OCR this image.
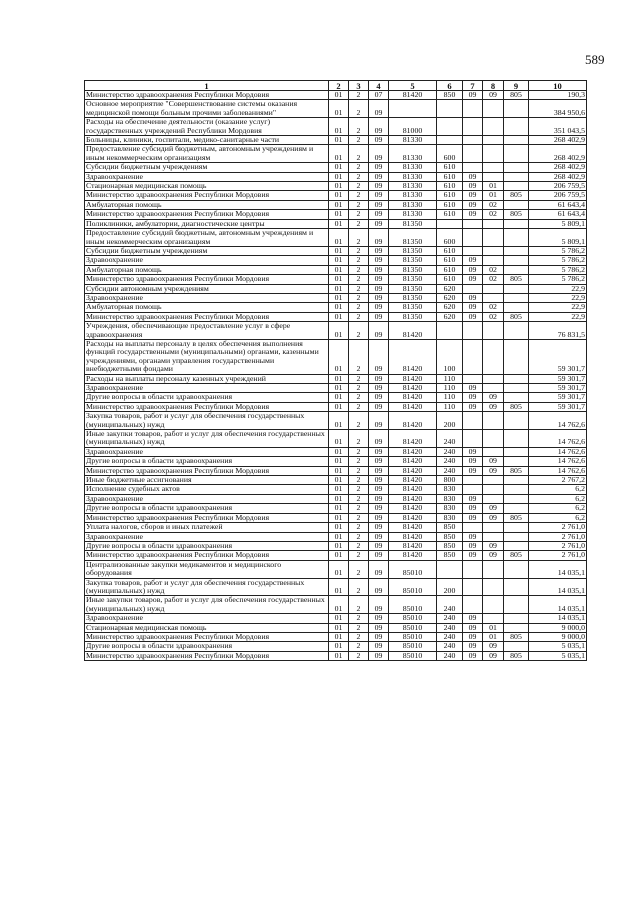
589
1	2	3	4	5	6	7	8	9	10
Министерство здравоохранения Республики Мордовия	01	2	07	81420	850	09	09	805	190,3
Основное мероприятие "Совершенствование системы оказания медицинской помощи больным прочими заболеваниями"	01	2	09						384 950,6
Расходы на обеспечение деятельности (оказание услуг) государственных учреждений Республики Мордовия	01	2	09	81000					351 043,5
Больницы, клиники, госпитали, медико-санитарные части	01	2	09	81330					268 402,9
Предоставление субсидий бюджетным, автономным учреждениям и иным некоммерческим организациям	01	2	09	81330	600				268 402,9
Субсидии бюджетным учреждениям	01	2	09	81330	610				268 402,9
Здравоохранение	01	2	09	81330	610	09			268 402,9
Стационарная медицинская помощь	01	2	09	81330	610	09	01		206 759,5
Министерство здравоохранения Республики Мордовия	01	2	09	81330	610	09	01	805	206 759,5
Амбулаторная помощь	01	2	09	81330	610	09	02		61 643,4
Министерство здравоохранения Республики Мордовия	01	2	09	81330	610	09	02	805	61 643,4
Поликлиники, амбулатории, диагностические центры	01	2	09	81350					5 809,1
Предоставление субсидий бюджетным, автономным учреждениям и иным некоммерческим организациям	01	2	09	81350	600				5 809,1
Субсидии бюджетным учреждениям	01	2	09	81350	610				5 786,2
Здравоохранение	01	2	09	81350	610	09			5 786,2
Амбулаторная помощь	01	2	09	81350	610	09	02		5 786,2
Министерство здравоохранения Республики Мордовия	01	2	09	81350	610	09	02	805	5 786,2
Субсидии автономным учреждениям	01	2	09	81350	620				22,9
Здравоохранение	01	2	09	81350	620	09			22,9
Амбулаторная помощь	01	2	09	81350	620	09	02		22,9
Министерство здравоохранения Республики Мордовия	01	2	09	81350	620	09	02	805	22,9
Учреждения, обеспечивающие предоставление услуг в сфере здравоохранения	01	2	09	81420					76 831,5
Расходы на выплаты персоналу в целях обеспечения выполнения функций государственными (муниципальными) органами, казенными учреждениями, органами управления государственными внебюджетными фондами	01	2	09	81420	100				59 301,7
Расходы на выплаты персоналу казенных учреждений	01	2	09	81420	110				59 301,7
Здравоохранение	01	2	09	81420	110	09			59 301,7
Другие вопросы в области здравоохранения	01	2	09	81420	110	09	09		59 301,7
Министерство здравоохранения Республики Мордовия	01	2	09	81420	110	09	09	805	59 301,7
Закупка товаров, работ и услуг для обеспечения государственных (муниципальных) нужд	01	2	09	81420	200				14 762,6
Иные закупки товаров, работ и услуг для обеспечения государственных (муниципальных) нужд	01	2	09	81420	240				14 762,6
Здравоохранение	01	2	09	81420	240	09			14 762,6
Другие вопросы в области здравоохранения	01	2	09	81420	240	09	09		14 762,6
Министерство здравоохранения Республики Мордовия	01	2	09	81420	240	09	09	805	14 762,6
Иные бюджетные ассигнования	01	2	09	81420	800				2 767,2
Исполнение судебных актов	01	2	09	81420	830				6,2
Здравоохранение	01	2	09	81420	830	09			6,2
Другие вопросы в области здравоохранения	01	2	09	81420	830	09	09		6,2
Министерство здравоохранения Республики Мордовия	01	2	09	81420	830	09	09	805	6,2
Уплата налогов, сборов и иных платежей	01	2	09	81420	850				2 761,0
Здравоохранение	01	2	09	81420	850	09			2 761,0
Другие вопросы в области здравоохранения	01	2	09	81420	850	09	09		2 761,0
Министерство здравоохранения Республики Мордовия	01	2	09	81420	850	09	09	805	2 761,0
Централизованные закупки медикаментов и медицинского оборудования	01	2	09	85010					14 035,1
Закупка товаров, работ и услуг для обеспечения государственных (муниципальных) нужд	01	2	09	85010	200				14 035,1
Иные закупки товаров, работ и услуг для обеспечения государственных (муниципальных) нужд	01	2	09	85010	240				14 035,1
Здравоохранение	01	2	09	85010	240	09			14 035,1
Стационарная медицинская помощь	01	2	09	85010	240	09	01		9 000,0
Министерство здравоохранения Республики Мордовия	01	2	09	85010	240	09	01	805	9 000,0
Другие вопросы в области здравоохранения	01	2	09	85010	240	09	09		5 035,1
Министерство здравоохранения Республики Мордовия	01	2	09	85010	240	09	09	805	5 035,1
